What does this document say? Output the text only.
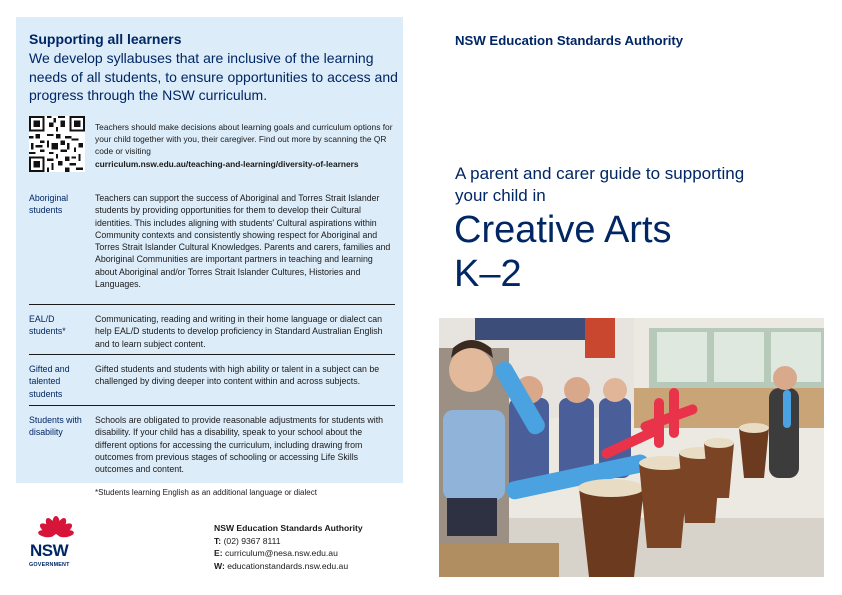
Supporting all learners
We develop syllabuses that are inclusive of the learning needs of all students, to ensure opportunities to access and progress through the NSW curriculum.
Teachers should make decisions about learning goals and curriculum options for your child together with you, their caregiver. Find out more by scanning the QR code or visiting
curriculum.nsw.edu.au/teaching-and-learning/diversity-of-learners
Aboriginal students
Teachers can support the success of Aboriginal and Torres Strait Islander students by providing opportunities for them to develop their Cultural identities. This includes aligning with students' Cultural aspirations within Community contexts and consistently showing respect for Aboriginal and Torres Strait Islander Cultural Knowledges. Parents and carers, families and Aboriginal Communities are important partners in teaching and learning about Aboriginal and/or Torres Strait Islander Cultures, Histories and Languages.
EAL/D students*
Communicating, reading and writing in their home language or dialect can help EAL/D students to develop proficiency in Standard Australian English and to learn subject content.
Gifted and talented students
Gifted students and students with high ability or talent in a subject can be challenged by diving deeper into content within and across subjects.
Students with disability
Schools are obligated to provide reasonable adjustments for students with disability. If your child has a disability, speak to your school about the different options for accessing the curriculum, including drawing from outcomes from previous stages of schooling or accessing Life Skills outcomes and content.
*Students learning English as an additional language or dialect
NSW
GOVERNMENT
NSW Education Standards Authority
T: (02) 9367 8111
E: curriculum@nesa.nsw.edu.au
W: educationstandards.nsw.edu.au
NSW Education Standards Authority
A parent and carer guide to supporting your child in
Creative Arts
K–2
